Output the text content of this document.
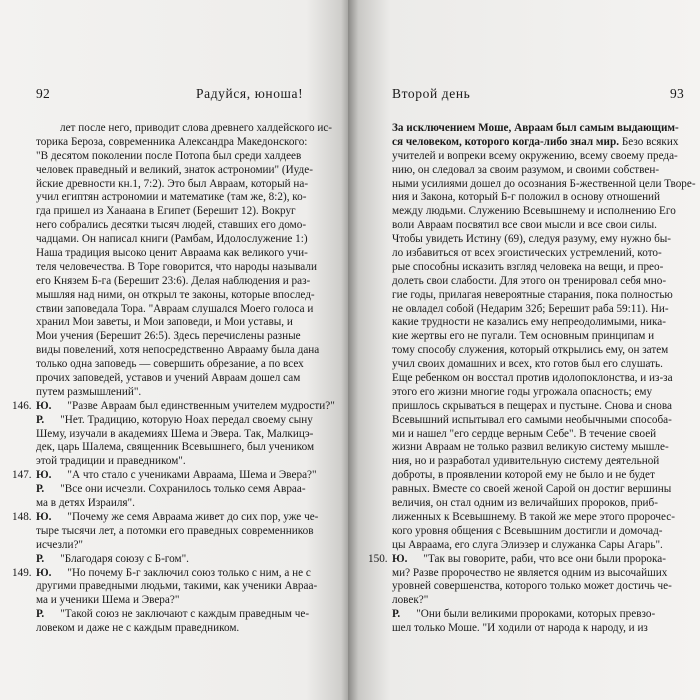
92	Радуйся, юноша!
лет после него, приводит слова древнего халдейского ис-
торика Бероза, современника Александра Македонского:
"В десятом поколении после Потопа был среди халдеев
человек праведный и великий, знаток астрономии" (Иуде-
йские древности кн.1, 7:2). Это был Авраам, который на-
учил египтян астрономии и математике (там же, 8:2), ко-
гда пришел из Ханаана в Египет (Берешит 12). Вокруг
него собрались десятки тысяч людей, ставших его домо-
чадцами. Он написал книги (Рамбам, Идолослужение 1:)
Наша традиция высоко ценит Авраама как великого учи-
теля человечества. В Торе говорится, что народы называли
его Князем Б-га (Берешит 23:6). Делая наблюдения и раз-
мышляя над ними, он открыл те законы, которые впослед-
ствии заповедала Тора. "Авраам слушался Моего голоса и
хранил Мои заветы, и Мои заповеди, и Мои уставы, и
Мои учения (Берешит 26:5). Здесь перечислены разные
виды повелений, хотя непосредственно Аврааму была дана
только одна заповедь — совершить обрезание, а по всех
прочих заповедей, уставов и учений Авраам дошел сам
путем размышлений".
146. Ю. "Разве Авраам был единственным учителем мудрости?"
Р. "Нет. Традицию, которую Ноах передал своему сыну
Шему, изучали в академиях Шема и Эвера. Так, Малкицэ-
дек, царь Шалема, священник Всевышнего, был учеником
этой традиции и праведником".
147. Ю. "А что стало с учениками Авраама, Шема и Эвера?"
Р. "Все они исчезли. Сохранилось только семя Авраа-
ма в детях Израиля".
148. Ю. "Почему же семя Авраама живет до сих пор, уже че-
тыре тысячи лет, а потомки его праведных современников
исчезли?"
Р. "Благодаря союзу с Б-гом".
149. Ю. "Но почему Б-г заключил союз только с ним, а не с
другими праведными людьми, такими, как ученики Авраа-
ма и ученики Шема и Эвера?"
Р. "Такой союз не заключают с каждым праведным че-
ловеком и даже не с каждым праведником.
Второй день	93
За исключением Моше, Авраам был самым выдающим-
ся человеком, которого когда-либо знал мир. Безо всяких
учителей и вопреки всему окружению, всему своему преда-
нию, он следовал за своим разумом, и своими собствен-
ными усилиями дошел до осознания Б-жественной цели Творе-
ния и Закона, который Б-г положил в основу отношений
между людьми. Служению Всевышнему и исполнению Его
воли Авраам посвятил все свои мысли и все свои силы.
Чтобы увидеть Истину (69), следуя разуму, ему нужно бы-
ло избавиться от всех эгоистических устремлений, кото-
рые способны исказить взгляд человека на вещи, и прео-
долеть свои слабости. Для этого он тренировал себя мно-
гие годы, прилагая невероятные старания, пока полностью
не овладел собой (Недарим 32б; Берешит раба 59:11). Ни-
какие трудности не казались ему непреодолимыми, ника-
кие жертвы его не пугали. Тем основным принципам и
тому способу служения, который открылись ему, он затем
учил своих домашних и всех, кто готов был его слушать.
Еще ребенком он восстал против идолопоклонства, и из-за
этого его жизни многие годы угрожала опасность; ему
пришлось скрываться в пещерах и пустыне. Снова и снова
Всевышний испытывал его самыми необычными способа-
ми и нашел "его сердце верным Себе". В течение своей
жизни Авраам не только развил великую систему мышле-
ния, но и разработал удивительную систему деятельной
доброты, в проявлении которой ему не было и не будет
равных. Вместе со своей женой Сарой он достиг вершины
величия, он стал одним из величайших пророков, приб-
лиженных к Всевышнему. В такой же мере этого пророчес-
кого уровня общения с Всевышним достигли и домочад-
цы Авраама, его слуга Элиэзер и служанка Сары Агарь".
150. Ю. "Так вы говорите, раби, что все они были пророка-
ми? Разве пророчество не является одним из высочайших
уровней совершенства, которого только может достичь че-
ловек?"
Р. "Они были великими пророками, которых превзо-
шел только Моше. "И ходили от народа к народу, и из
